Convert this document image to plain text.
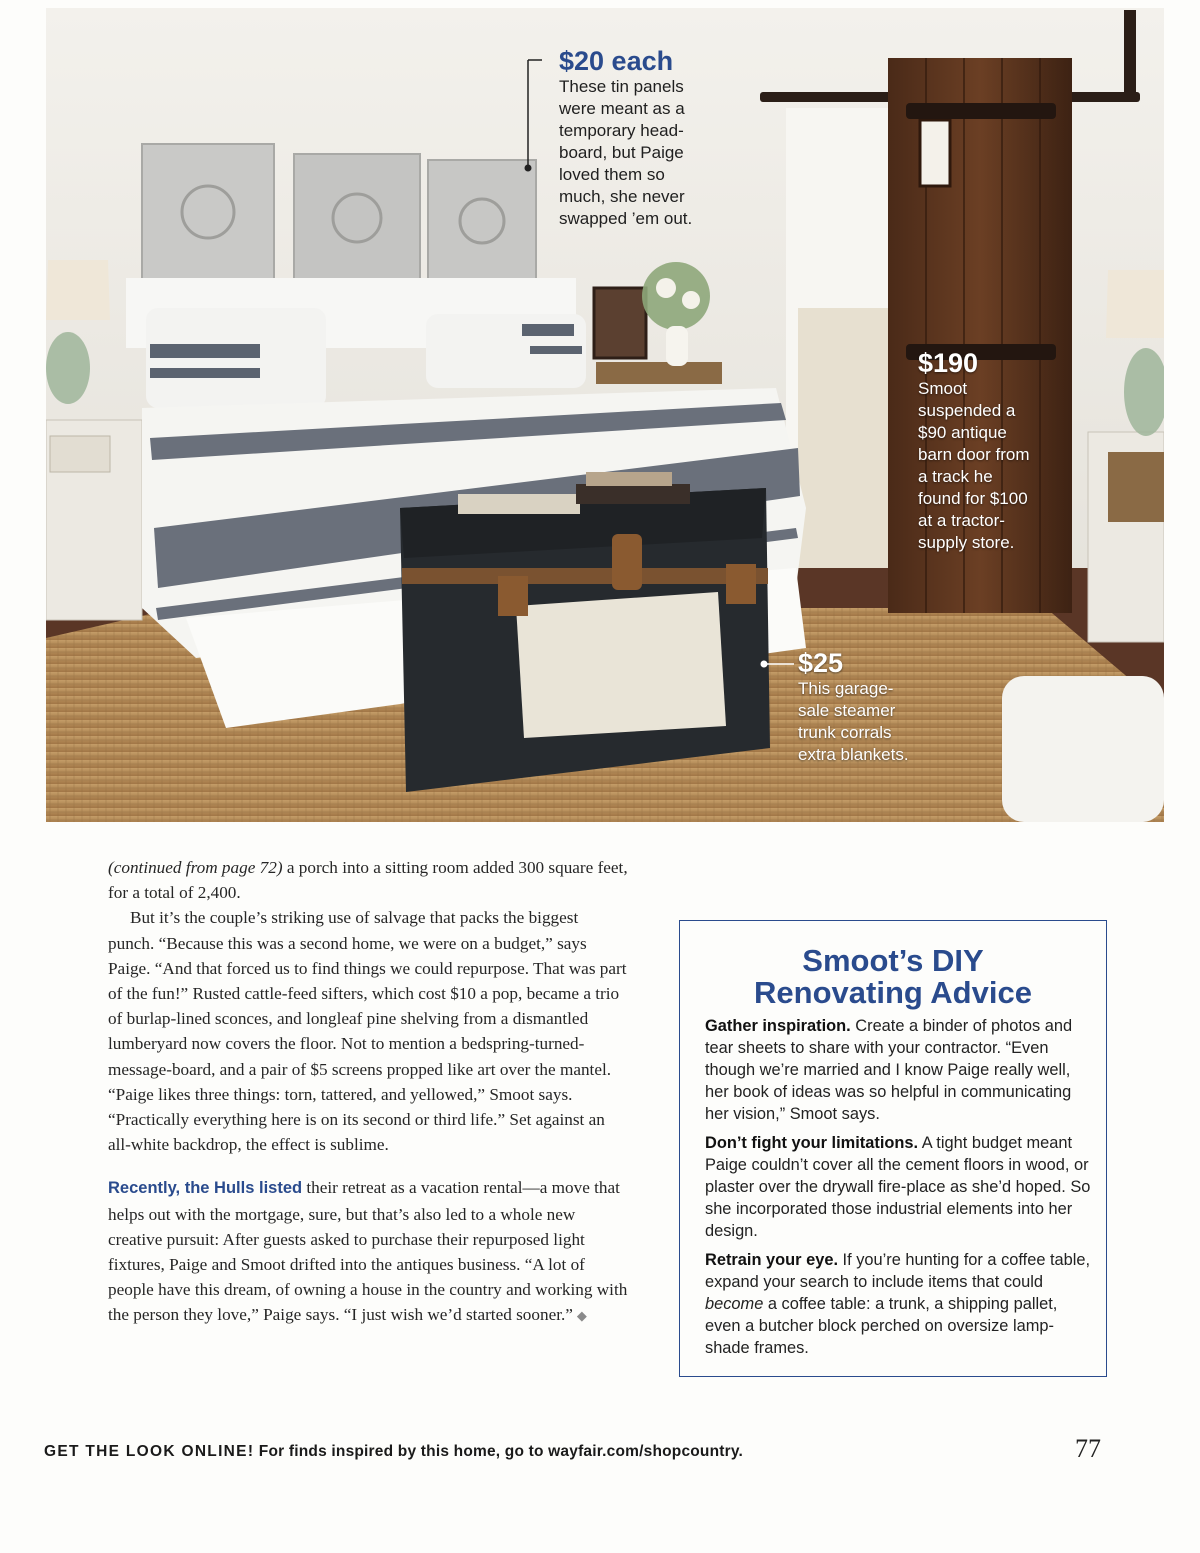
$20 each
These tin panels
were meant as a
temporary head-
board, but Paige
loved them so
much, she never
swapped ’em out.
$190
Smoot
suspended a
$90 antique
barn door from
a track he
found for $100
at a tractor-
supply store.
$25
This garage-
sale steamer
trunk corrals
extra blankets.

(continued from page 72) a porch into a sitting room added 300 square feet, for a total of 2,400.

But it’s the couple’s striking use of salvage that packs the biggest punch. “Because this was a second home, we were on a budget,” says Paige. “And that forced us to find things we could repurpose. That was part of the fun!” Rusted cattle-feed sifters, which cost $10 a pop, became a trio of burlap-lined sconces, and longleaf pine shelving from a dismantled lumberyard now covers the floor. Not to mention a bedspring-turned-message-board, and a pair of $5 screens propped like art over the mantel. “Paige likes three things: torn, tattered, and yellowed,” Smoot says. “Practically everything here is on its second or third life.” Set against an all-white backdrop, the effect is sublime.

Recently, the Hulls listed their retreat as a vacation rental—a move that helps out with the mortgage, sure, but that’s also led to a whole new creative pursuit: After guests asked to purchase their repurposed light fixtures, Paige and Smoot drifted into the antiques business. “A lot of people have this dream, of owning a house in the country and working with the person they love,” Paige says. “I just wish we’d started sooner.” ◆

Smoot’s DIY
Renovating Advice

Gather inspiration. Create a binder of photos and tear sheets to share with your contractor. “Even though we’re married and I know Paige really well, her book of ideas was so helpful in communicating her vision,” Smoot says.

Don’t fight your limitations. A tight budget meant Paige couldn’t cover all the cement floors in wood, or plaster over the drywall fire-place as she’d hoped. So she incorporated those industrial elements into her design.

Retrain your eye. If you’re hunting for a coffee table, expand your search to include items that could become a coffee table: a trunk, a shipping pallet, even a butcher block perched on oversize lamp-shade frames.

GET THE LOOK ONLINE! For finds inspired by this home, go to wayfair.com/shopcountry.	77
